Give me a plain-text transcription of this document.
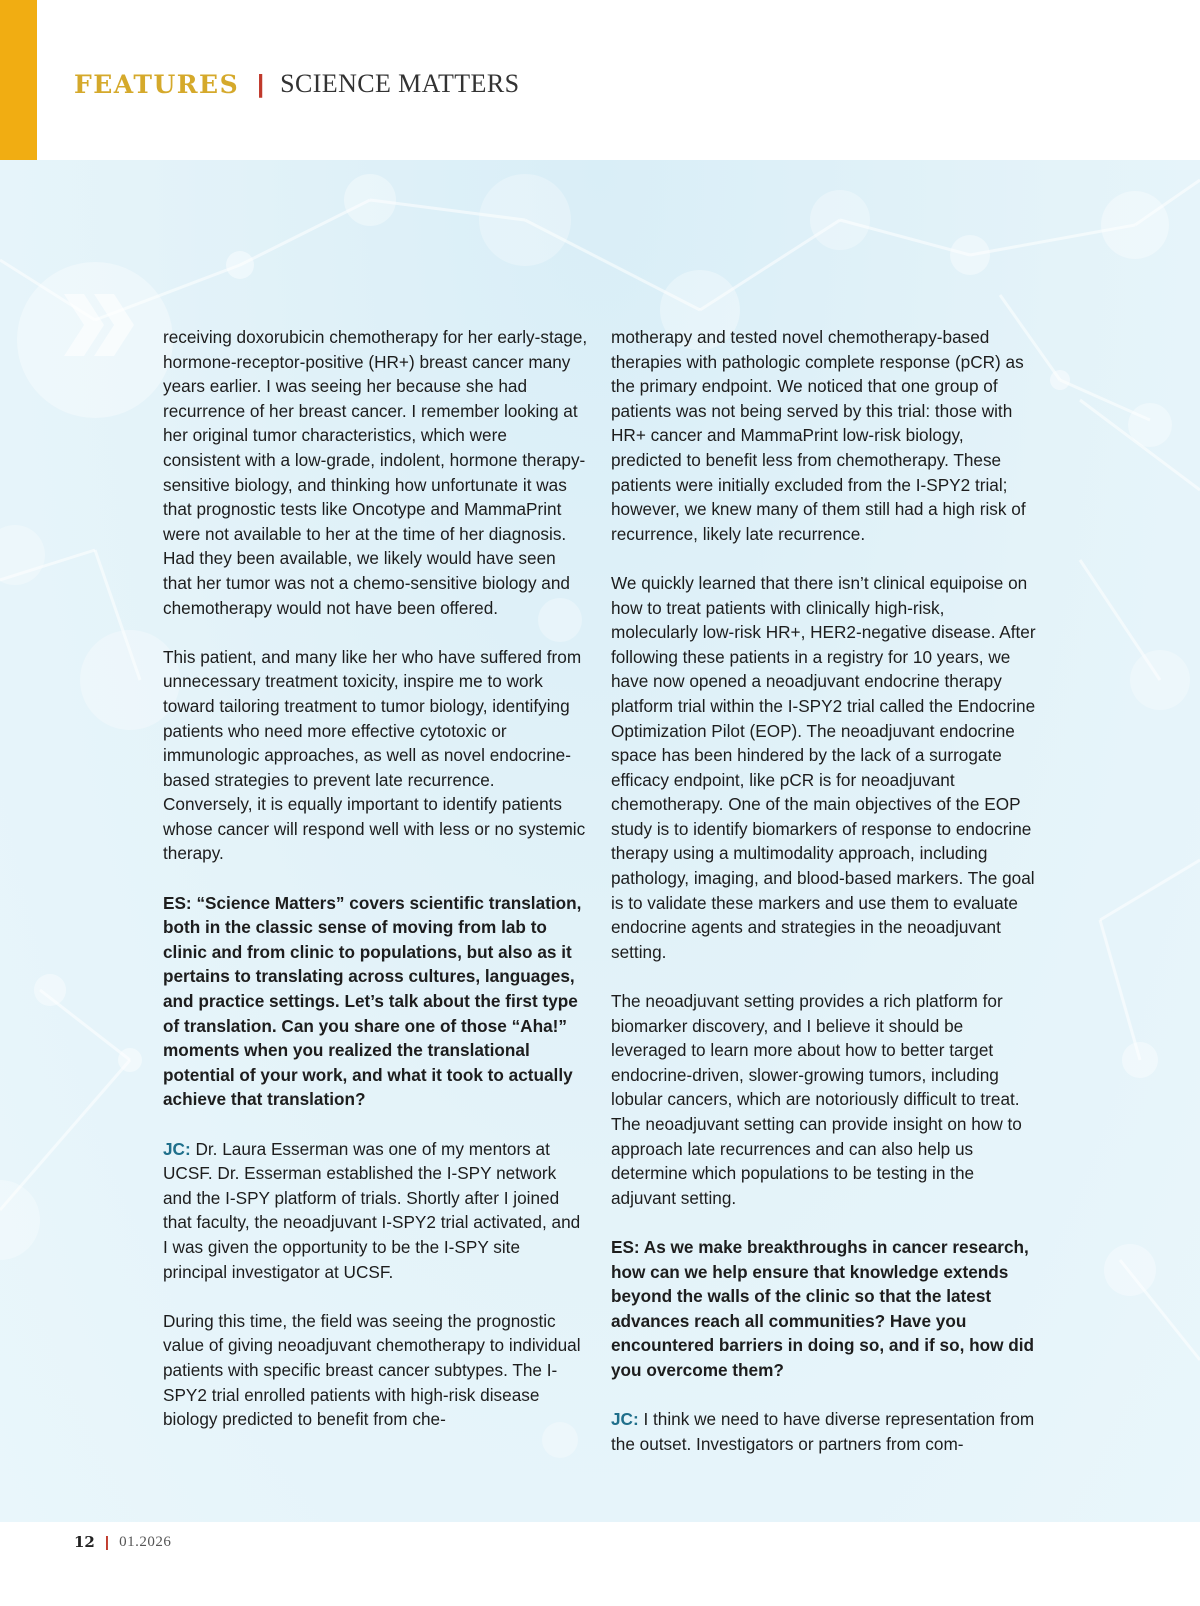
FEATURES | SCIENCE MATTERS

receiving doxorubicin chemotherapy for her early-stage, hormone-receptor-positive (HR+) breast cancer many years earlier. I was seeing her because she had recurrence of her breast cancer. I remember looking at her original tumor characteristics, which were consistent with a low-grade, indolent, hormone therapy-sensitive biology, and thinking how unfortunate it was that prognostic tests like Oncotype and MammaPrint were not available to her at the time of her diagnosis. Had they been available, we likely would have seen that her tumor was not a chemo-sensitive biology and chemotherapy would not have been offered.

This patient, and many like her who have suffered from unnecessary treatment toxicity, inspire me to work toward tailoring treatment to tumor biology, identifying patients who need more effective cytotoxic or immunologic approaches, as well as novel endocrine-based strategies to prevent late recurrence. Conversely, it is equally important to identify patients whose cancer will respond well with less or no systemic therapy.

ES: “Science Matters” covers scientific translation, both in the classic sense of moving from lab to clinic and from clinic to populations, but also as it pertains to translating across cultures, languages, and practice settings. Let’s talk about the first type of translation. Can you share one of those “Aha!” moments when you realized the translational potential of your work, and what it took to actually achieve that translation?

JC: Dr. Laura Esserman was one of my mentors at UCSF. Dr. Esserman established the I-SPY network and the I-SPY platform of trials. Shortly after I joined that faculty, the neoadjuvant I-SPY2 trial activated, and I was given the opportunity to be the I-SPY site principal investigator at UCSF.

During this time, the field was seeing the prognostic value of giving neoadjuvant chemotherapy to individual patients with specific breast cancer subtypes. The I-SPY2 trial enrolled patients with high-risk disease biology predicted to benefit from che-

motherapy and tested novel chemotherapy-based therapies with pathologic complete response (pCR) as the primary endpoint. We noticed that one group of patients was not being served by this trial: those with HR+ cancer and MammaPrint low-risk biology, predicted to benefit less from chemotherapy. These patients were initially excluded from the I-SPY2 trial; however, we knew many of them still had a high risk of recurrence, likely late recurrence.

We quickly learned that there isn’t clinical equipoise on how to treat patients with clinically high-risk, molecularly low-risk HR+, HER2-negative disease. After following these patients in a registry for 10 years, we have now opened a neoadjuvant endocrine therapy platform trial within the I-SPY2 trial called the Endocrine Optimization Pilot (EOP). The neoadjuvant endocrine space has been hindered by the lack of a surrogate efficacy endpoint, like pCR is for neoadjuvant chemotherapy. One of the main objectives of the EOP study is to identify biomarkers of response to endocrine therapy using a multimodality approach, including pathology, imaging, and blood-based markers. The goal is to validate these markers and use them to evaluate endocrine agents and strategies in the neoadjuvant setting.

The neoadjuvant setting provides a rich platform for biomarker discovery, and I believe it should be leveraged to learn more about how to better target endocrine-driven, slower-growing tumors, including lobular cancers, which are notoriously difficult to treat. The neoadjuvant setting can provide insight on how to approach late recurrences and can also help us determine which populations to be testing in the adjuvant setting.

ES: As we make breakthroughs in cancer research, how can we help ensure that knowledge extends beyond the walls of the clinic so that the latest advances reach all communities? Have you encountered barriers in doing so, and if so, how did you overcome them?

JC: I think we need to have diverse representation from the outset. Investigators or partners from com-

12 | 01.2026
